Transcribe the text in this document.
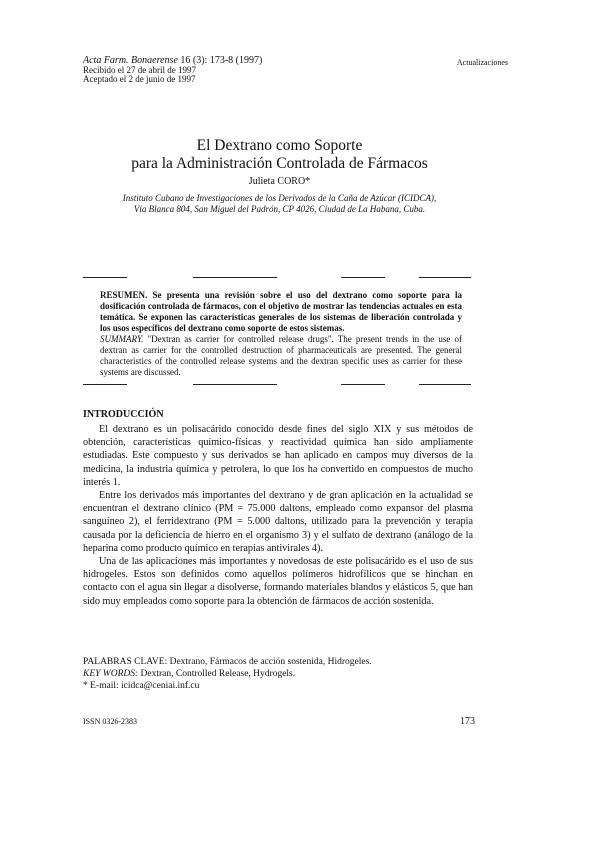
Acta Farm. Bonaerense 16 (3): 173-8 (1997)
Recibido el 27 de abril de 1997
Aceptado el 2 de junio de 1997
Actualizaciones
El Dextrano como Soporte
para la Administración Controlada de Fármacos
Julieta CORO*
Instituto Cubano de Investigaciones de los Derivados de la Caña de Azúcar (ICIDCA),
Vía Blanca 804, San Miguel del Padrón, CP 4026, Ciudad de La Habana, Cuba.
RESUMEN. Se presenta una revisión sobre el uso del dextrano como soporte para la dosificación controlada de fármacos, con el objetivo de mostrar las tendencias actuales en esta temática. Se exponen las características generales de los sistemas de liberación controlada y los usos específicos del dextrano como soporte de estos sistemas.
SUMMARY. "Dextran as carrier for controlled release drugs". The present trends in the use of dextran as carrier for the controlled destruction of pharmaceuticals are presented. The general characteristics of the controlled release systems and the dextran specific uses as carrier for these systems are discussed.
INTRODUCCIÓN

El dextrano es un polisacárido conocido desde fines del siglo XIX y sus métodos de obtención, características químico-físicas y reactividad química han sido ampliamente estudiadas. Este compuesto y sus derivados se han aplicado en campos muy diversos de la medicina, la industria química y petrolera, lo que los ha convertido en compuestos de mucho interés 1.

Entre los derivados más importantes del dextrano y de gran aplicación en la actualidad se encuentran el dextrano clínico (PM = 75.000 daltons, empleado como expansor del plasma sanguíneo 2), el ferridextrano (PM = 5.000 daltons, utilizado para la prevención y terapia causada por la deficiencia de hierro en el organismo 3) y el sulfato de dextrano (análogo de la heparina como producto químico en terapias antivirales 4).

Una de las aplicaciones más importantes y novedosas de este polisacárido es el uso de sus hidrogeles. Estos son definidos como aquellos polímeros hidrofílicos que se hinchan en contacto con el agua sin llegar a disolverse, formando materiales blandos y elásticos 5, que han sido muy empleados como soporte para la obtención de fármacos de acción sostenida.

PALABRAS CLAVE: Dextrano, Fármacos de acción sostenida, Hidrogeles.
KEY WORDS: Dextran, Controlled Release, Hydrogels.
* E-mail: icidca@ceniai.inf.cu
ISSN 0326-2383	173
